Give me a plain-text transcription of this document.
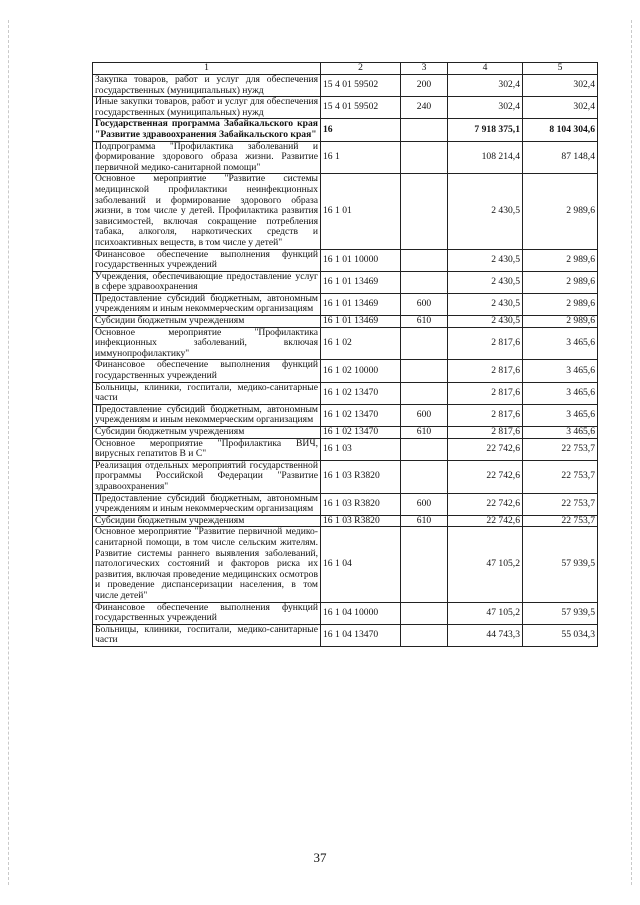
1	2	3	4	5
Закупка товаров, работ и услуг для обеспечения государственных (муниципальных) нужд	15 4 01 59502	200	302,4	302,4
Иные закупки товаров, работ и услуг для обеспечения государственных (муниципальных) нужд	15 4 01 59502	240	302,4	302,4
Государственная программа Забайкальского края "Развитие здравоохранения Забайкальского края"	16		7 918 375,1	8 104 304,6
Подпрограмма "Профилактика заболеваний и формирование здорового образа жизни. Развитие первичной медико-санитарной помощи"	16 1		108 214,4	87 148,4
Основное мероприятие "Развитие системы медицинской профилактики неинфекционных заболеваний и формирование здорового образа жизни, в том числе у детей. Профилактика развития зависимостей, включая сокращение потребления табака, алкоголя, наркотических средств и психоактивных веществ, в том числе у детей"	16 1 01		2 430,5	2 989,6
Финансовое обеспечение выполнения функций государственных учреждений	16 1 01 10000		2 430,5	2 989,6
Учреждения, обеспечивающие предоставление услуг в сфере здравоохранения	16 1 01 13469		2 430,5	2 989,6
Предоставление субсидий бюджетным, автономным учреждениям и иным некоммерческим организациям	16 1 01 13469	600	2 430,5	2 989,6
Субсидии бюджетным учреждениям	16 1 01 13469	610	2 430,5	2 989,6
Основное мероприятие "Профилактика инфекционных заболеваний, включая иммунопрофилактику"	16 1 02		2 817,6	3 465,6
Финансовое обеспечение выполнения функций государственных учреждений	16 1 02 10000		2 817,6	3 465,6
Больницы, клиники, госпитали, медико-санитарные части	16 1 02 13470		2 817,6	3 465,6
Предоставление субсидий бюджетным, автономным учреждениям и иным некоммерческим организациям	16 1 02 13470	600	2 817,6	3 465,6
Субсидии бюджетным учреждениям	16 1 02 13470	610	2 817,6	3 465,6
Основное мероприятие "Профилактика ВИЧ, вирусных гепатитов В и С"	16 1 03		22 742,6	22 753,7
Реализация отдельных мероприятий государственной программы Российской Федерации "Развитие здравоохранения"	16 1 03 R3820		22 742,6	22 753,7
Предоставление субсидий бюджетным, автономным учреждениям и иным некоммерческим организациям	16 1 03 R3820	600	22 742,6	22 753,7
Субсидии бюджетным учреждениям	16 1 03 R3820	610	22 742,6	22 753,7
Основное мероприятие "Развитие первичной медико-санитарной помощи, в том числе сельским жителям. Развитие системы раннего выявления заболеваний, патологических состояний и факторов риска их развития, включая проведение медицинских осмотров и проведение диспансеризации населения, в том числе детей"	16 1 04		47 105,2	57 939,5
Финансовое обеспечение выполнения функций государственных учреждений	16 1 04 10000		47 105,2	57 939,5
Больницы, клиники, госпитали, медико-санитарные части	16 1 04 13470		44 743,3	55 034,3
37
